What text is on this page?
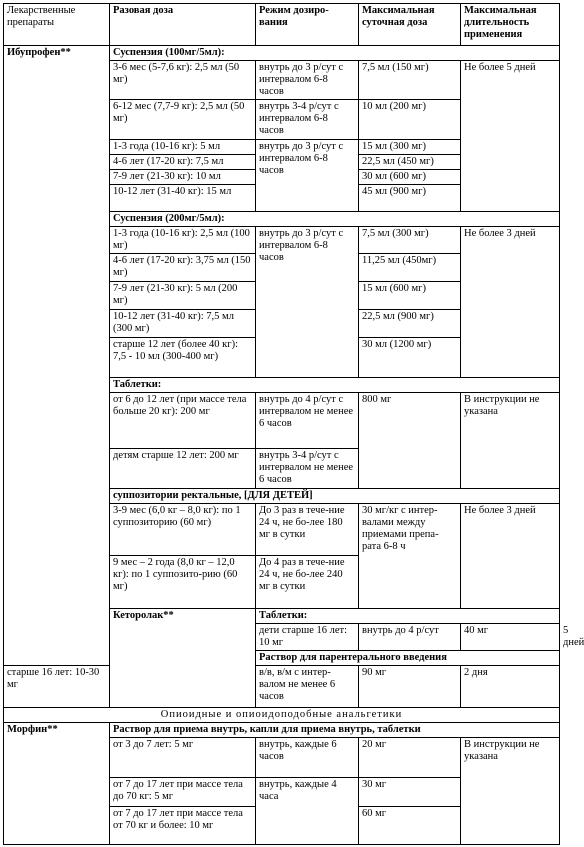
Лекарственные препараты	Разовая доза	Режим дозиро-вания	Максимальная суточная доза	Максимальная длительность применения	
Ибупрофен**	Суспензия (100мг/5мл):				
	3-6 мес (5-7,6 кг): 2,5 мл (50 мг)	внутрь до 3 р/сут с интервалом 6-8 часов	7,5 мл (150 мг)	Не более 5 дней	
	6-12 мес (7,7-9 кг): 2,5 мл (50 мг)	внутрь 3-4 р/сут с интервалом 6-8 часов	10 мл (200 мг)		
	1-3 года (10-16 кг): 5 мл	внутрь до 3 р/сут с интервалом 6-8 часов	15 мл (300 мг)		
	4-6 лет (17-20 кг): 7,5 мл		22,5 мл (450 мг)		
	7-9 лет (21-30 кг): 10 мл		30 мл (600 мг)		
	10-12 лет (31-40 кг): 15 мл		45 мл (900 мг)		
	Суспензия (200мг/5мл):				
	1-3 года (10-16 кг): 2,5 мл (100 мг)	внутрь до 3 р/сут с интервалом 6-8 часов	7,5 мл (300 мг)	Не более 3 дней	
	4-6 лет (17-20 кг): 3,75 мл (150 мг)		11,25 мл (450мг)		
	7-9 лет (21-30 кг): 5 мл (200 мг)		15 мл (600 мг)		
	10-12 лет (31-40 кг): 7,5 мл (300 мг)		22,5 мл (900 мг)		
	старше 12 лет (более 40 кг): 7,5 - 10 мл (300-400 мг)		30 мл (1200 мг)		
	Таблетки:				
	от 6 до 12 лет (при массе тела больше 20 кг): 200 мг	внутрь до 4 р/сут с интервалом не менее 6 часов	800 мг	В инструкции не указана	
	детям старше 12 лет: 200 мг	внутрь 3-4 р/сут с интервалом не менее 6 часов			
	суппозитории ректальные, [ДЛЯ ДЕТЕЙ]				
	3-9 мес (6,0 кг – 8,0 кг): по 1 суппозиторию (60 мг)	До 3 раз в тече-ние 24 ч, не бо-лее 180 мг в сутки	30 мг/кг с интер-валами между приемами препа-рата 6-8 ч	Не более 3 дней	
	9 мес – 2 года (8,0 кг – 12,0 кг): по 1 суппозито-рию (60 мг)	До 4 раз в тече-ние 24 ч, не бо-лее 240 мг в сутки			
	Кеторолак**	Таблетки:			
		дети старше 16 лет: 10 мг	внутрь до 4 р/сут	40 мг	5 дней
		Раствор для парентерального введения			
старше 16 лет: 10-30 мг		в/в, в/м с интер-валом не менее 6 часов	90 мг	2 дня	
Опиоидные и опиоидоподобные анальгетики					
Морфин**	Раствор для приема внутрь, капли для приема внутрь, таблетки				
	от 3 до 7 лет: 5 мг	внутрь, каждые 6 часов	20 мг	В инструкции не указана	
	от 7 до 17 лет при массе тела до 70 кг: 5 мг	внутрь, каждые 4 часа	30 мг		
	от 7 до 17 лет при массе тела от 70 кг и более: 10 мг		60 мг		
